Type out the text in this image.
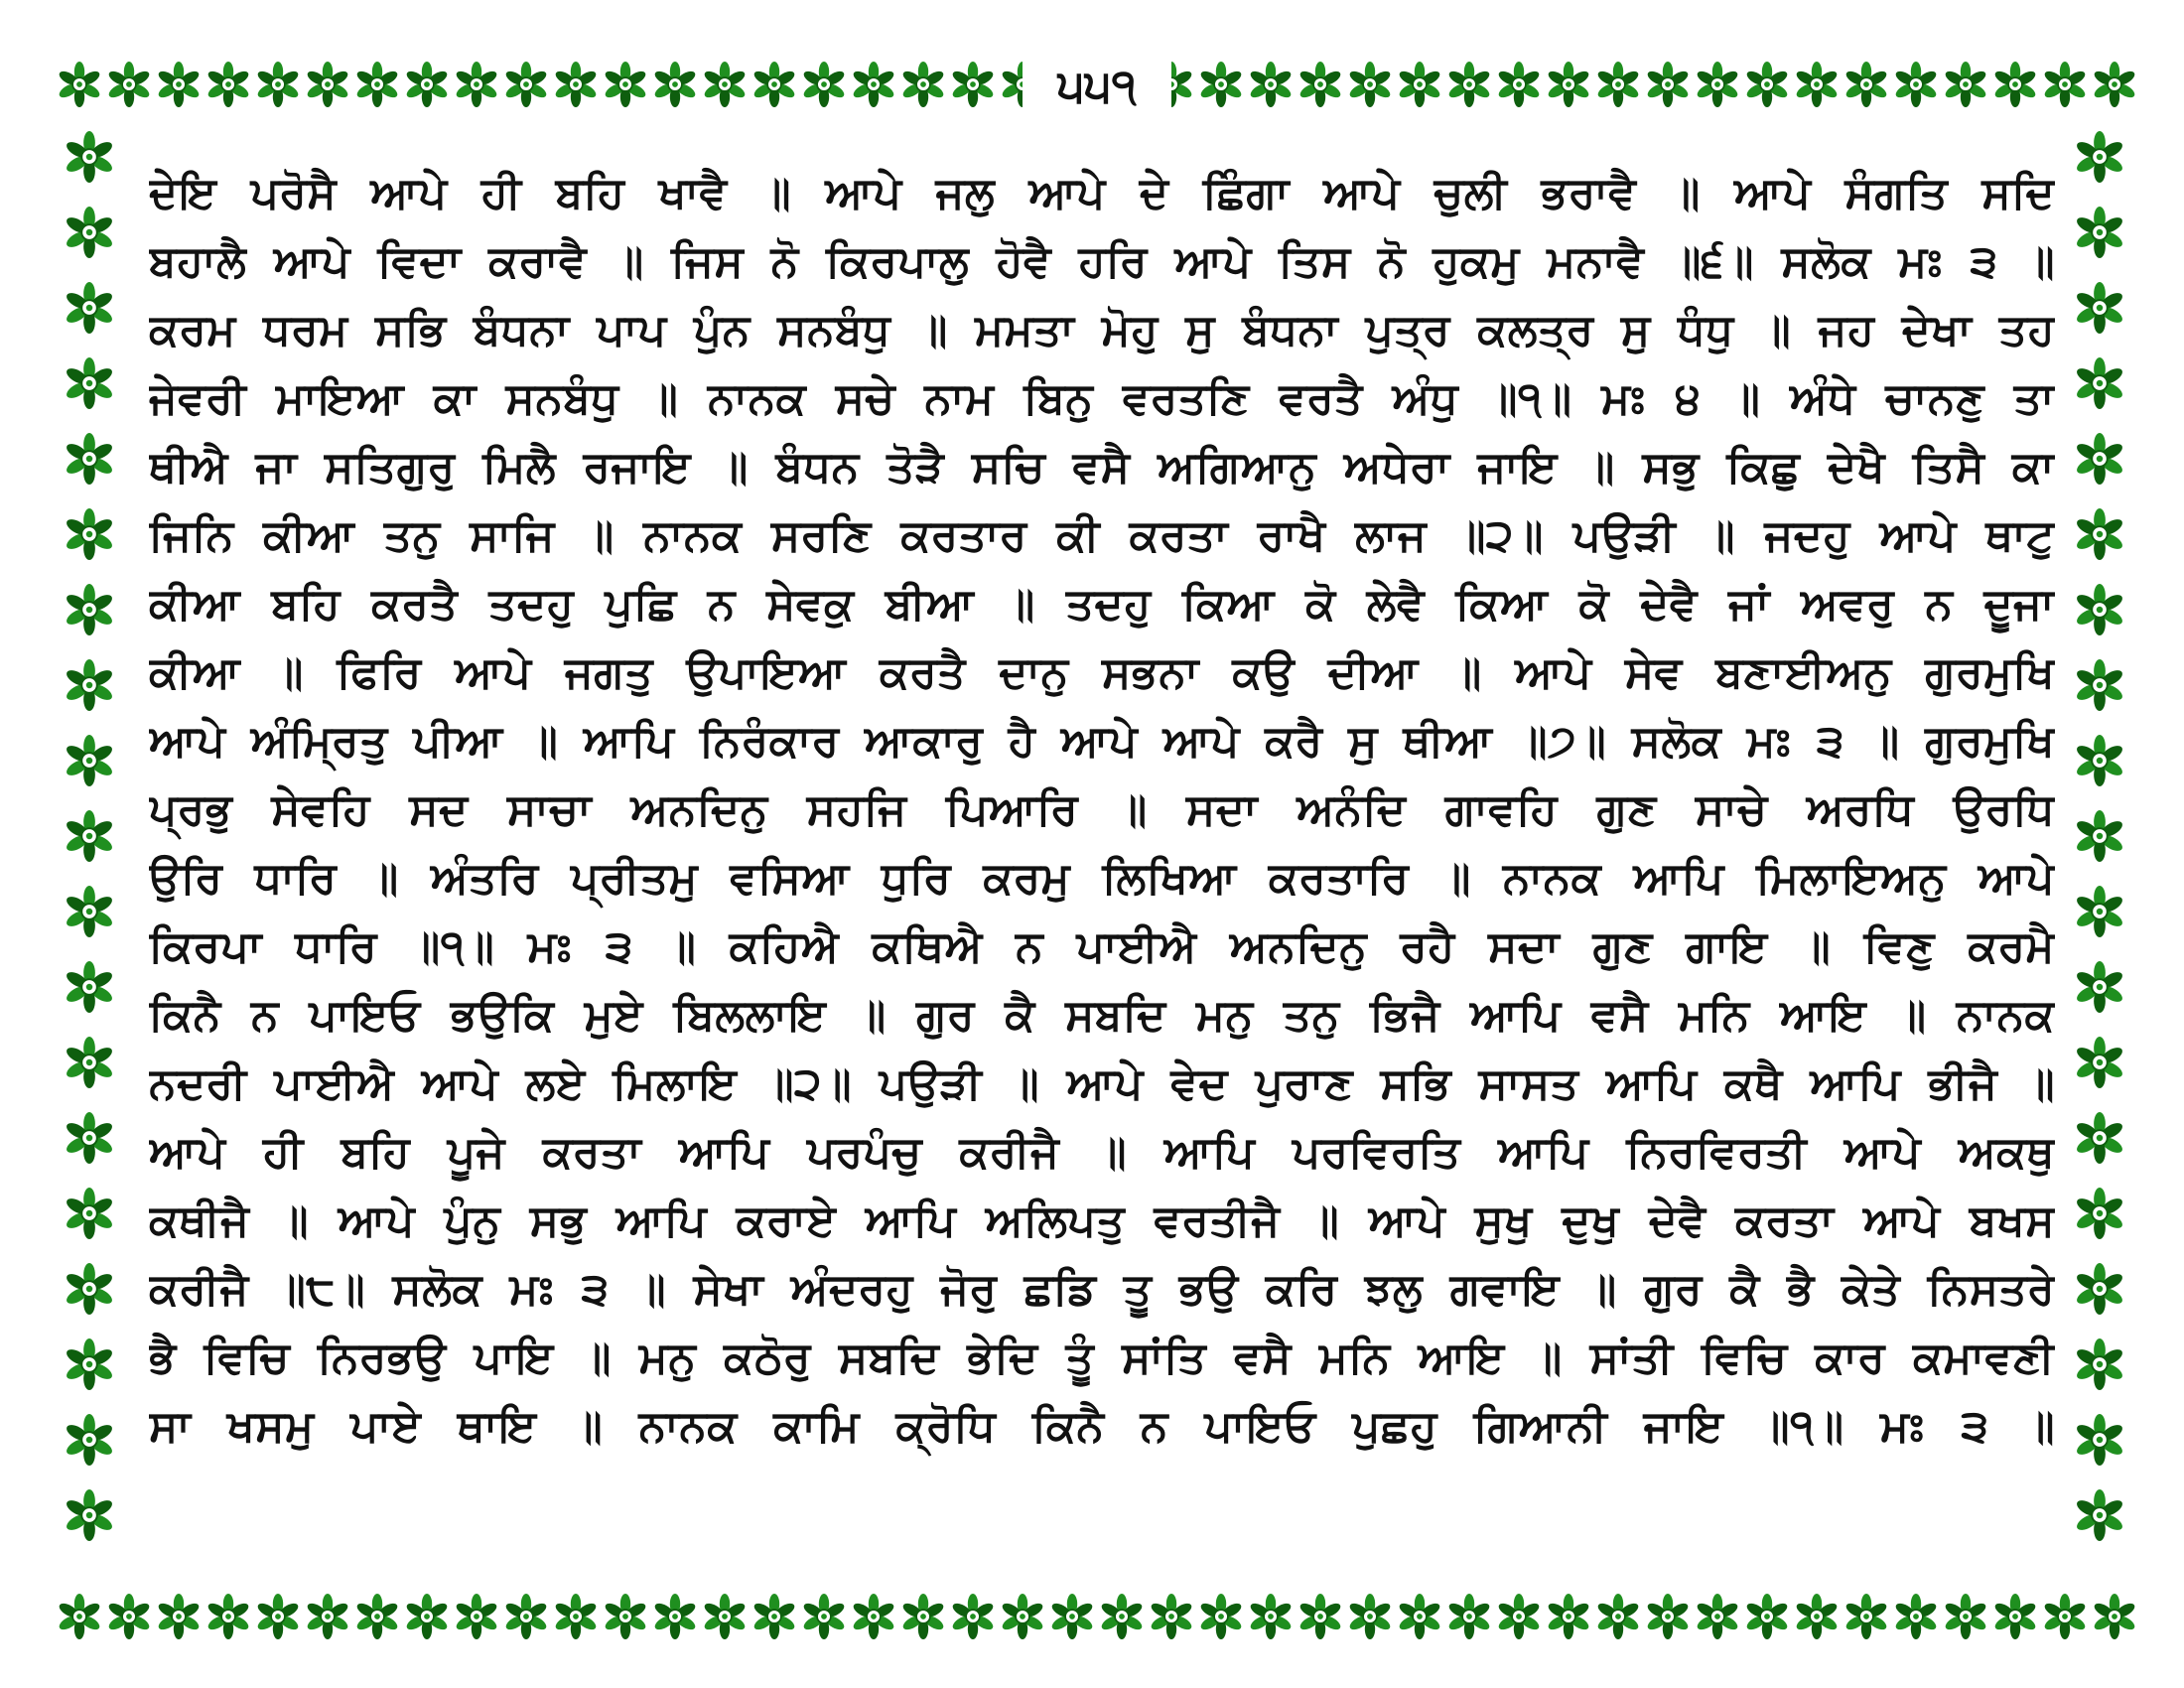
੫੫੧
ਦੇਇ ਪਰੋਸੈ ਆਪੇ ਹੀ ਬਹਿ ਖਾਵੈ ॥ ਆਪੇ ਜਲੁ ਆਪੇ ਦੇ ਛਿੰਗਾ ਆਪੇ ਚੁਲੀ ਭਰਾਵੈ ॥ ਆਪੇ ਸੰਗਤਿ ਸਦਿ
ਬਹਾਲੈ ਆਪੇ ਵਿਦਾ ਕਰਾਵੈ ॥ ਜਿਸ ਨੋ ਕਿਰਪਾਲੁ ਹੋਵੈ ਹਰਿ ਆਪੇ ਤਿਸ ਨੋ ਹੁਕਮੁ ਮਨਾਵੈ ॥੬॥ ਸਲੋਕ ਮਃ ੩ ॥
ਕਰਮ ਧਰਮ ਸਭਿ ਬੰਧਨਾ ਪਾਪ ਪੁੰਨ ਸਨਬੰਧੁ ॥ ਮਮਤਾ ਮੋਹੁ ਸੁ ਬੰਧਨਾ ਪੁਤ੍ਰ ਕਲਤ੍ਰ ਸੁ ਧੰਧੁ ॥ ਜਹ ਦੇਖਾ ਤਹ
ਜੇਵਰੀ ਮਾਇਆ ਕਾ ਸਨਬੰਧੁ ॥ ਨਾਨਕ ਸਚੇ ਨਾਮ ਬਿਨੁ ਵਰਤਣਿ ਵਰਤੈ ਅੰਧੁ ॥੧॥ ਮਃ ੪ ॥ ਅੰਧੇ ਚਾਨਣੁ ਤਾ
ਥੀਐ ਜਾ ਸਤਿਗੁਰੁ ਮਿਲੈ ਰਜਾਇ ॥ ਬੰਧਨ ਤੋੜੈ ਸਚਿ ਵਸੈ ਅਗਿਆਨੁ ਅਧੇਰਾ ਜਾਇ ॥ ਸਭੁ ਕਿਛੁ ਦੇਖੈ ਤਿਸੈ ਕਾ
ਜਿਨਿ ਕੀਆ ਤਨੁ ਸਾਜਿ ॥ ਨਾਨਕ ਸਰਣਿ ਕਰਤਾਰ ਕੀ ਕਰਤਾ ਰਾਖੈ ਲਾਜ ॥੨॥ ਪਉੜੀ ॥ ਜਦਹੁ ਆਪੇ ਥਾਟੁ
ਕੀਆ ਬਹਿ ਕਰਤੈ ਤਦਹੁ ਪੁਛਿ ਨ ਸੇਵਕੁ ਬੀਆ ॥ ਤਦਹੁ ਕਿਆ ਕੋ ਲੇਵੈ ਕਿਆ ਕੋ ਦੇਵੈ ਜਾਂ ਅਵਰੁ ਨ ਦੂਜਾ
ਕੀਆ ॥ ਫਿਰਿ ਆਪੇ ਜਗਤੁ ਉਪਾਇਆ ਕਰਤੈ ਦਾਨੁ ਸਭਨਾ ਕਉ ਦੀਆ ॥ ਆਪੇ ਸੇਵ ਬਣਾਈਅਨੁ ਗੁਰਮੁਖਿ
ਆਪੇ ਅੰਮ੍ਰਿਤੁ ਪੀਆ ॥ ਆਪਿ ਨਿਰੰਕਾਰ ਆਕਾਰੁ ਹੈ ਆਪੇ ਆਪੇ ਕਰੈ ਸੁ ਥੀਆ ॥੭॥ ਸਲੋਕ ਮਃ ੩ ॥ ਗੁਰਮੁਖਿ
ਪ੍ਰਭੁ ਸੇਵਹਿ ਸਦ ਸਾਚਾ ਅਨਦਿਨੁ ਸਹਜਿ ਪਿਆਰਿ ॥ ਸਦਾ ਅਨੰਦਿ ਗਾਵਹਿ ਗੁਣ ਸਾਚੇ ਅਰਧਿ ਉਰਧਿ
ਉਰਿ ਧਾਰਿ ॥ ਅੰਤਰਿ ਪ੍ਰੀਤਮੁ ਵਸਿਆ ਧੁਰਿ ਕਰਮੁ ਲਿਖਿਆ ਕਰਤਾਰਿ ॥ ਨਾਨਕ ਆਪਿ ਮਿਲਾਇਅਨੁ ਆਪੇ
ਕਿਰਪਾ ਧਾਰਿ ॥੧॥ ਮਃ ੩ ॥ ਕਹਿਐ ਕਥਿਐ ਨ ਪਾਈਐ ਅਨਦਿਨੁ ਰਹੈ ਸਦਾ ਗੁਣ ਗਾਇ ॥ ਵਿਣੁ ਕਰਮੈ
ਕਿਨੈ ਨ ਪਾਇਓ ਭਉਕਿ ਮੁਏ ਬਿਲਲਾਇ ॥ ਗੁਰ ਕੈ ਸਬਦਿ ਮਨੁ ਤਨੁ ਭਿਜੈ ਆਪਿ ਵਸੈ ਮਨਿ ਆਇ ॥ ਨਾਨਕ
ਨਦਰੀ ਪਾਈਐ ਆਪੇ ਲਏ ਮਿਲਾਇ ॥੨॥ ਪਉੜੀ ॥ ਆਪੇ ਵੇਦ ਪੁਰਾਣ ਸਭਿ ਸਾਸਤ ਆਪਿ ਕਥੈ ਆਪਿ ਭੀਜੈ ॥
ਆਪੇ ਹੀ ਬਹਿ ਪੂਜੇ ਕਰਤਾ ਆਪਿ ਪਰਪੰਚੁ ਕਰੀਜੈ ॥ ਆਪਿ ਪਰਵਿਰਤਿ ਆਪਿ ਨਿਰਵਿਰਤੀ ਆਪੇ ਅਕਥੁ
ਕਥੀਜੈ ॥ ਆਪੇ ਪੁੰਨੁ ਸਭੁ ਆਪਿ ਕਰਾਏ ਆਪਿ ਅਲਿਪਤੁ ਵਰਤੀਜੈ ॥ ਆਪੇ ਸੁਖੁ ਦੁਖੁ ਦੇਵੈ ਕਰਤਾ ਆਪੇ ਬਖਸ
ਕਰੀਜੈ ॥੮॥ ਸਲੋਕ ਮਃ ੩ ॥ ਸੇਖਾ ਅੰਦਰਹੁ ਜੋਰੁ ਛਡਿ ਤੂ ਭਉ ਕਰਿ ਝਲੁ ਗਵਾਇ ॥ ਗੁਰ ਕੈ ਭੈ ਕੇਤੇ ਨਿਸਤਰੇ
ਭੈ ਵਿਚਿ ਨਿਰਭਉ ਪਾਇ ॥ ਮਨੁ ਕਠੋਰੁ ਸਬਦਿ ਭੇਦਿ ਤੂੰ ਸਾਂਤਿ ਵਸੈ ਮਨਿ ਆਇ ॥ ਸਾਂਤੀ ਵਿਚਿ ਕਾਰ ਕਮਾਵਣੀ
ਸਾ ਖਸਮੁ ਪਾਏ ਥਾਇ ॥ ਨਾਨਕ ਕਾਮਿ ਕ੍ਰੋਧਿ ਕਿਨੈ ਨ ਪਾਇਓ ਪੁਛਹੁ ਗਿਆਨੀ ਜਾਇ ॥੧॥ ਮਃ ੩ ॥
